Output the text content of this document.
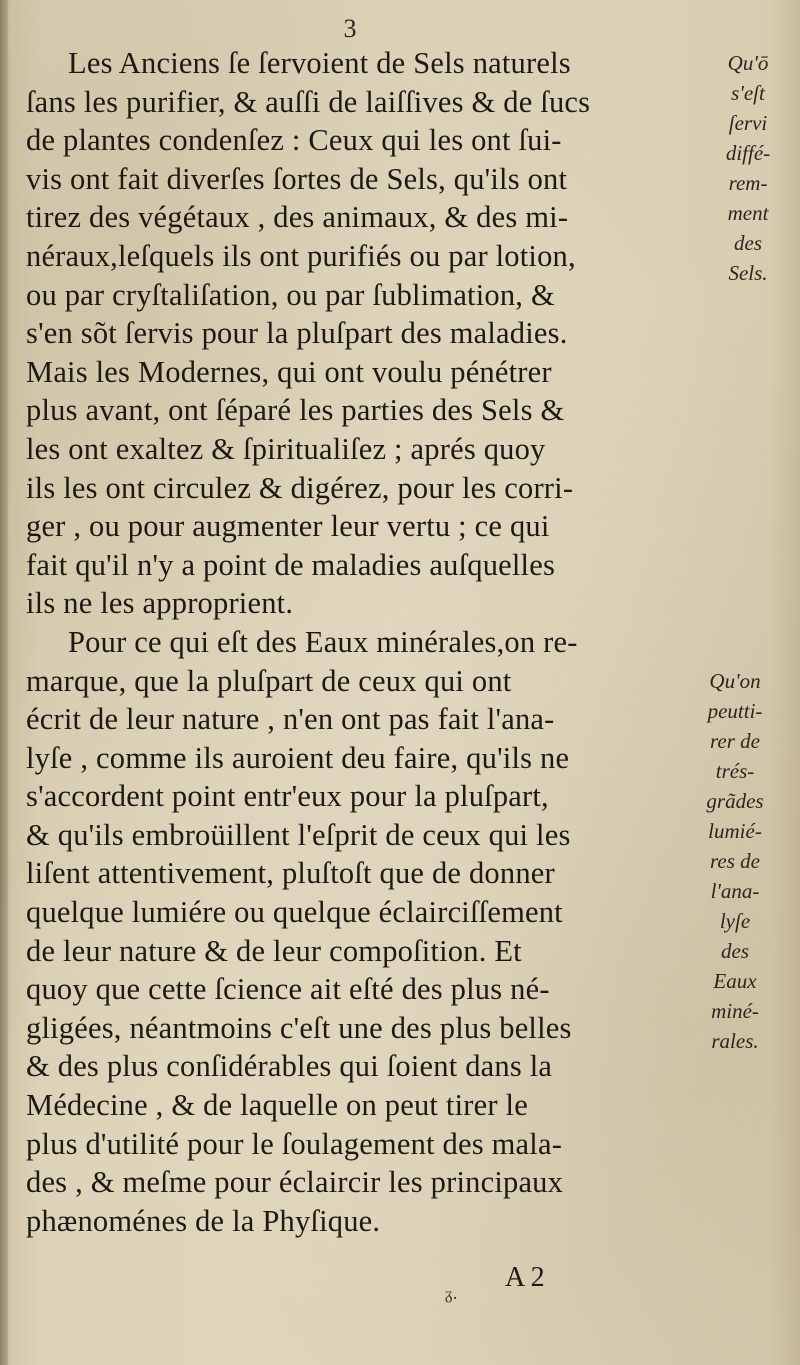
3
Les Anciens ſe ſervoient de Sels naturels
ſans les purifier, & auſſi de laiſſives & de ſucs
de plantes condenſez : Ceux qui les ont ſui-
vis ont fait diverſes ſortes de Sels, qu'ils ont
tirez des végétaux , des animaux, & des mi-
néraux,leſquels ils ont purifiés ou par lotion,
ou par cryſtaliſation, ou par ſublimation, &
s'en sõt ſervis pour la pluſpart des maladies.
Mais les Modernes, qui ont voulu pénétrer
plus avant, ont ſéparé les parties des Sels &
les ont exaltez & ſpiritualiſez ; aprés quoy
ils les ont circulez & digérez, pour les corri-
ger , ou pour augmenter leur vertu ; ce qui
fait qu'il n'y a point de maladies auſquelles
ils ne les approprient.
Pour ce qui eſt des Eaux minérales,on re-
marque, que la pluſpart de ceux qui ont
écrit de leur nature , n'en ont pas fait l'ana-
lyſe , comme ils auroient deu faire, qu'ils ne
s'accordent point entr'eux pour la pluſpart,
& qu'ils embroüillent l'eſprit de ceux qui les
liſent attentivement, pluſtoſt que de donner
quelque lumiére ou quelque éclairciſſement
de leur nature & de leur compoſition. Et
quoy que cette ſcience ait eſté des plus né-
gligées, néantmoins c'eſt une des plus belles
& des plus conſidérables qui ſoient dans la
Médecine , & de laquelle on peut tirer le
plus d'utilité pour le ſoulagement des mala-
des , & meſme pour éclaircir les principaux
phænoménes de la Phyſique.
Qu'ō
s'eſt
ſervi
diffé-
rem-
ment
des
Sels.
Qu'on
peutti-
rer de
trés-
grãdes
lumié-
res de
l'ana-
lyſe
des
Eaux
miné-
rales.
ᵹ.
A 2
